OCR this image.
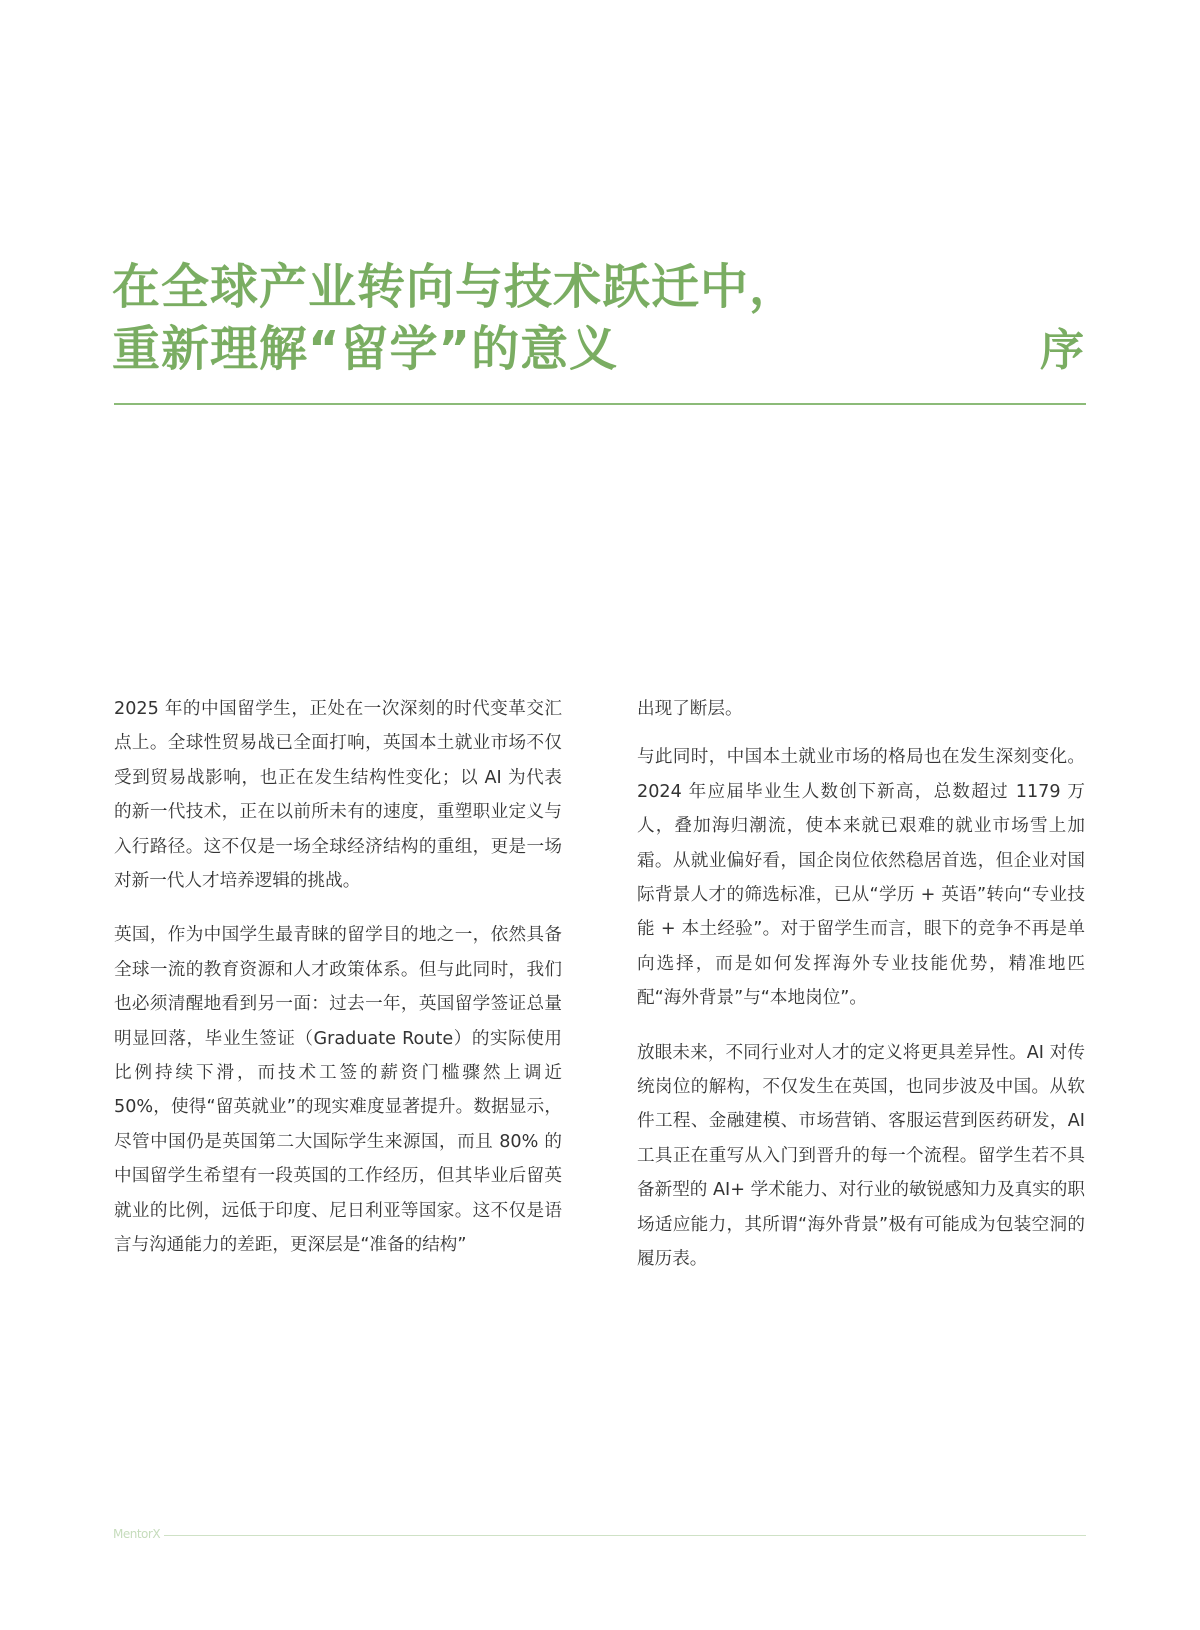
在全球产业转向与技术跃迁中，
重新理解“留学”的意义	序

2025 年的中国留学生，正处在一次深刻的时代变革交汇点上。全球性贸易战已全面打响，英国本土就业市场不仅受到贸易战影响，也正在发生结构性变化；以 AI 为代表的新一代技术，正在以前所未有的速度，重塑职业定义与入行路径。这不仅是一场全球经济结构的重组，更是一场对新一代人才培养逻辑的挑战。

英国，作为中国学生最青睐的留学目的地之一，依然具备全球一流的教育资源和人才政策体系。但与此同时，我们也必须清醒地看到另一面：过去一年，英国留学签证总量明显回落，毕业生签证（Graduate Route）的实际使用比例持续下滑，而技术工签的薪资门槛骤然上调近 50%，使得“留英就业”的现实难度显著提升。数据显示，尽管中国仍是英国第二大国际学生来源国，而且 80% 的中国留学生希望有一段英国的工作经历，但其毕业后留英就业的比例，远低于印度、尼日利亚等国家。这不仅是语言与沟通能力的差距，更深层是“准备的结构”

出现了断层。

与此同时，中国本土就业市场的格局也在发生深刻变化。2024 年应届毕业生人数创下新高，总数超过 1179 万人，叠加海归潮流，使本来就已艰难的就业市场雪上加霜。从就业偏好看，国企岗位依然稳居首选，但企业对国际背景人才的筛选标准，已从“学历 + 英语”转向“专业技能 + 本土经验”。对于留学生而言，眼下的竞争不再是单向选择，而是如何发挥海外专业技能优势，精准地匹配“海外背景”与“本地岗位”。

放眼未来，不同行业对人才的定义将更具差异性。AI 对传统岗位的解构，不仅发生在英国，也同步波及中国。从软件工程、金融建模、市场营销、客服运营到医药研发，AI 工具正在重写从入门到晋升的每一个流程。留学生若不具备新型的 AI+ 学术能力、对行业的敏锐感知力及真实的职场适应能力，其所谓“海外背景”极有可能成为包装空洞的履历表。

MentorX
